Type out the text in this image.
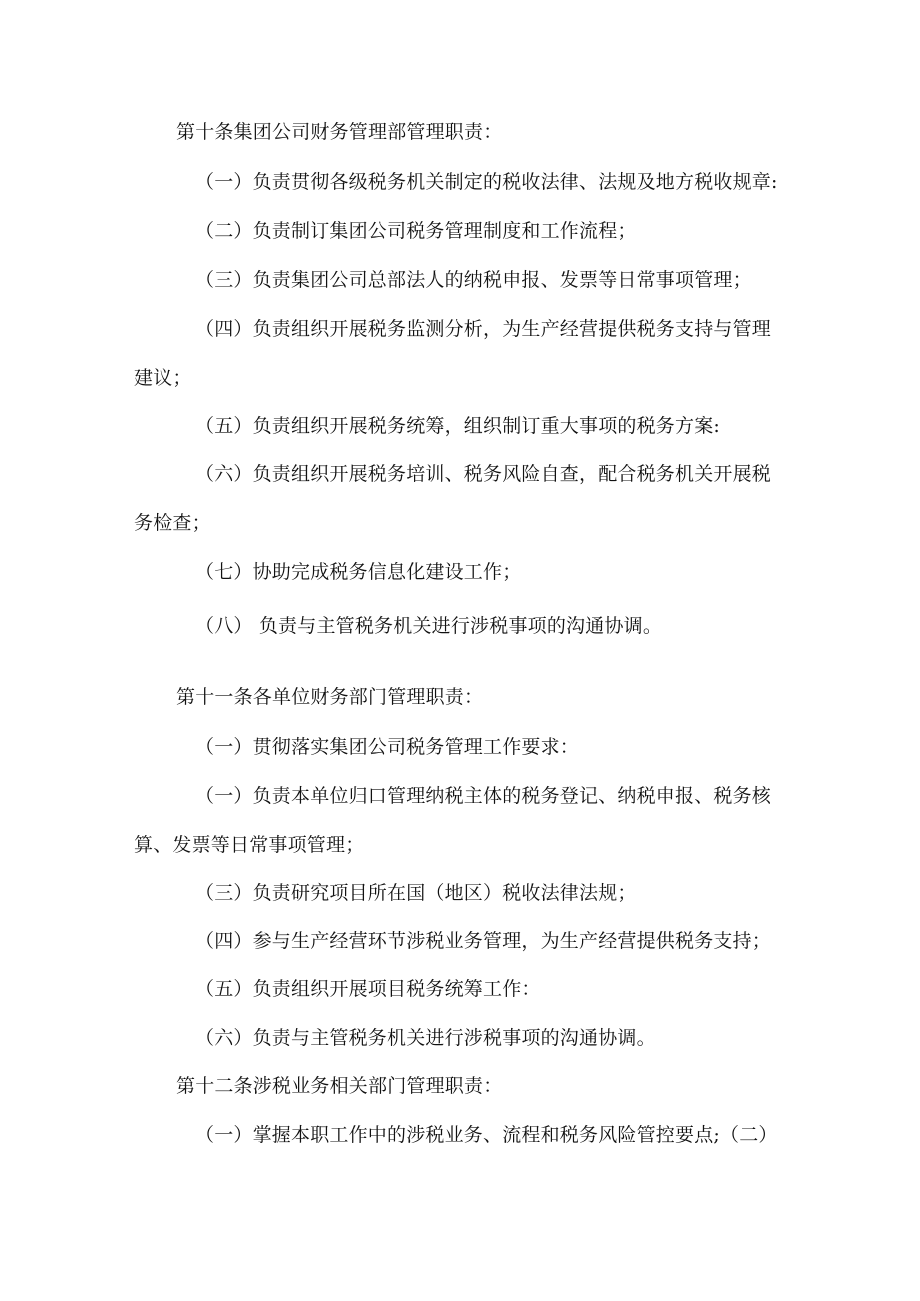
第十条集团公司财务管理部管理职责：
（一）负责贯彻各级税务机关制定的税收法律、法规及地方税收规章:
（二）负责制订集团公司税务管理制度和工作流程；
（三）负责集团公司总部法人的纳税申报、发票等日常事项管理；
（四）负责组织开展税务监测分析，为生产经营提供税务支持与管理
建议；
（五）负责组织开展税务统筹，组织制订重大事项的税务方案:
（六）负责组织开展税务培训、税务风险自查，配合税务机关开展税
务检查；
（七）协助完成税务信息化建设工作；
（八） 负责与主管税务机关进行涉税事项的沟通协调。
第十一条各单位财务部门管理职责：
（一）贯彻落实集团公司税务管理工作要求：
（一）负责本单位归口管理纳税主体的税务登记、纳税申报、税务核
算、发票等日常事项管理；
（三）负责研究项目所在国（地区）税收法律法规；
（四）参与生产经营环节涉税业务管理，为生产经营提供税务支持；
（五）负责组织开展项目税务统筹工作：
（六）负责与主管税务机关进行涉税事项的沟通协调。
第十二条涉税业务相关部门管理职责：
（一）掌握本职工作中的涉税业务、流程和税务风险管控要点;（二）
